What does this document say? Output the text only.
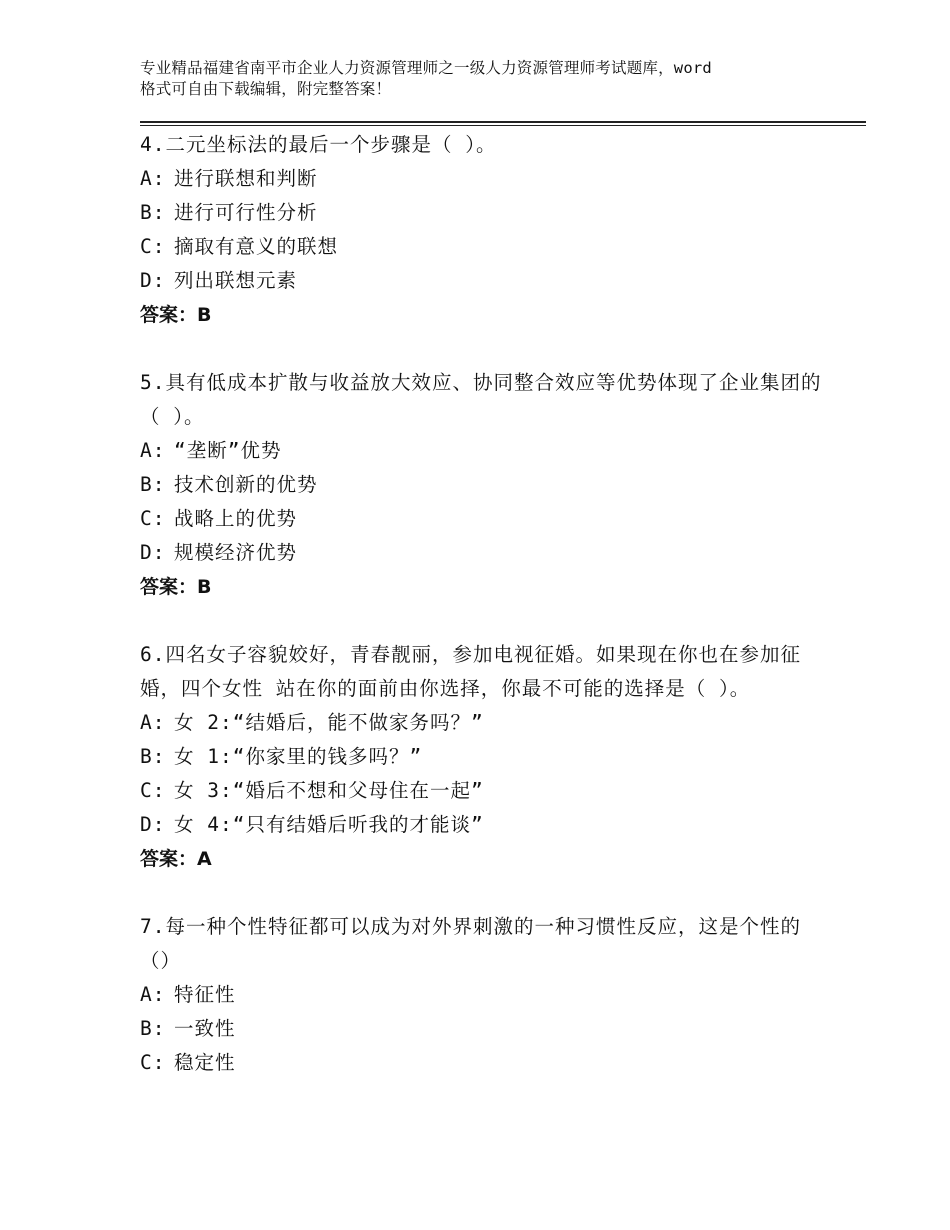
专业精品福建省南平市企业人力资源管理师之一级人力资源管理师考试题库，word
格式可自由下载编辑，附完整答案！
4.二元坐标法的最后一个步骤是（ ）。
A: 进行联想和判断
B: 进行可行性分析
C: 摘取有意义的联想
D: 列出联想元素
答案：B
5.具有低成本扩散与收益放大效应、协同整合效应等优势体现了企业集团的（ ）。
A: “垄断”优势
B: 技术创新的优势
C: 战略上的优势
D: 规模经济优势
答案：B
6.四名女子容貌姣好，青春靓丽，参加电视征婚。如果现在你也在参加征婚，四个女性 站在你的面前由你选择，你最不可能的选择是（ ）。
A: 女 2:“结婚后，能不做家务吗？”
B: 女 1:“你家里的钱多吗？”
C: 女 3:“婚后不想和父母住在一起”
D: 女 4:“只有结婚后听我的才能谈”
答案：A
7.每一种个性特征都可以成为对外界刺激的一种习惯性反应，这是个性的（）
A: 特征性
B: 一致性
C: 稳定性
